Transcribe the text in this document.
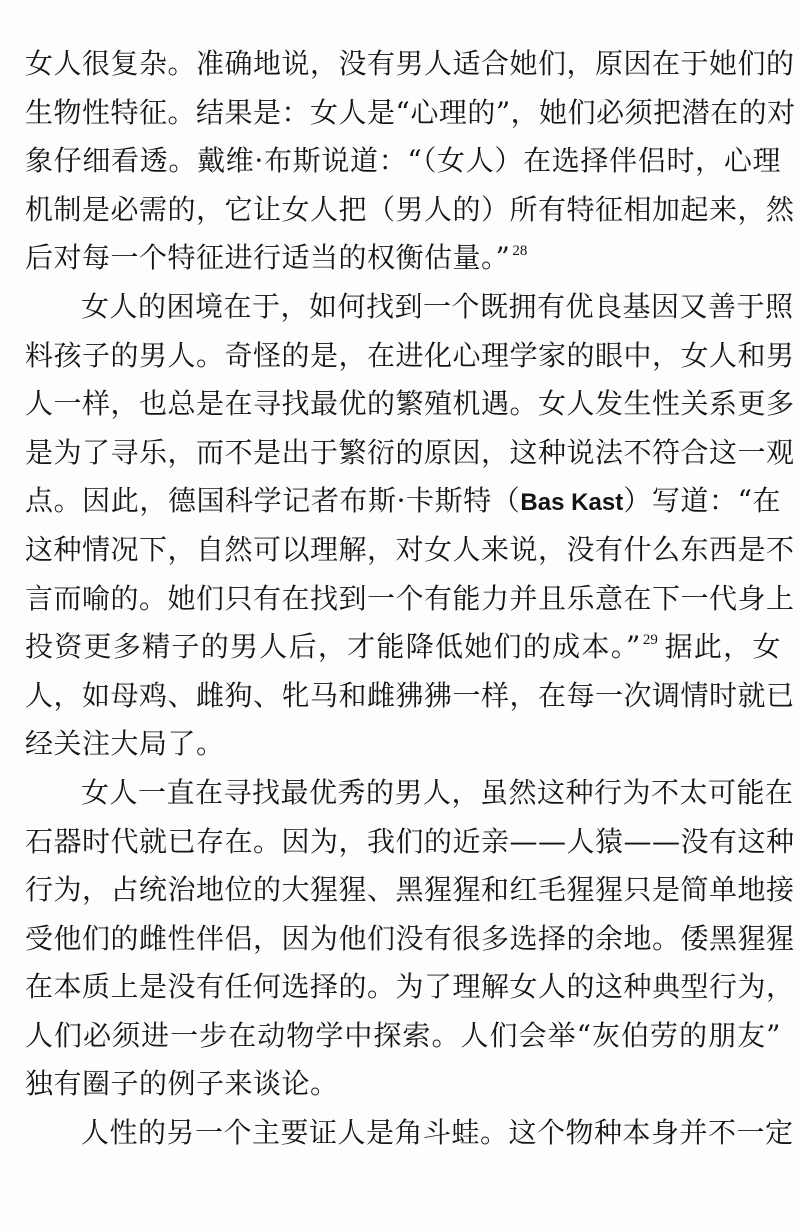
女人很复杂。准确地说，没有男人适合她们，原因在于她们的
生物性特征。结果是：女人是“心理的”，她们必须把潜在的对
象仔细看透。戴维·布斯说道：“（女人）在选择伴侣时，心理
机制是必需的，它让女人把（男人的）所有特征相加起来，然
后对每一个特征进行适当的权衡估量。” $^{28}$
女人的困境在于，如何找到一个既拥有优良基因又善于照
料孩子的男人。奇怪的是，在进化心理学家的眼中，女人和男
人一样，也总是在寻找最优的繁殖机遇。女人发生性关系更多
是为了寻乐，而不是出于繁衍的原因，这种说法不符合这一观
点。因此，德国科学记者布斯·卡斯特（Bas Kast）写道：“在
这种情况下，自然可以理解，对女人来说，没有什么东西是不
言而喻的。她们只有在找到一个有能力并且乐意在下一代身上
投资更多精子的男人后，才能降低她们的成本。” $^{29}$ 据此，女
人，如母鸡、雌狗、牝马和雌狒狒一样，在每一次调情时就已
经关注大局了。
女人一直在寻找最优秀的男人，虽然这种行为不太可能在
石器时代就已存在。因为，我们的近亲——人猿——没有这种
行为，占统治地位的大猩猩、黑猩猩和红毛猩猩只是简单地接
受他们的雌性伴侣，因为他们没有很多选择的余地。倭黑猩猩
在本质上是没有任何选择的。为了理解女人的这种典型行为，
人们必须进一步在动物学中探索。人们会举“灰伯劳的朋友”
独有圈子的例子来谈论。
人性的另一个主要证人是角斗蛙。这个物种本身并不一定
